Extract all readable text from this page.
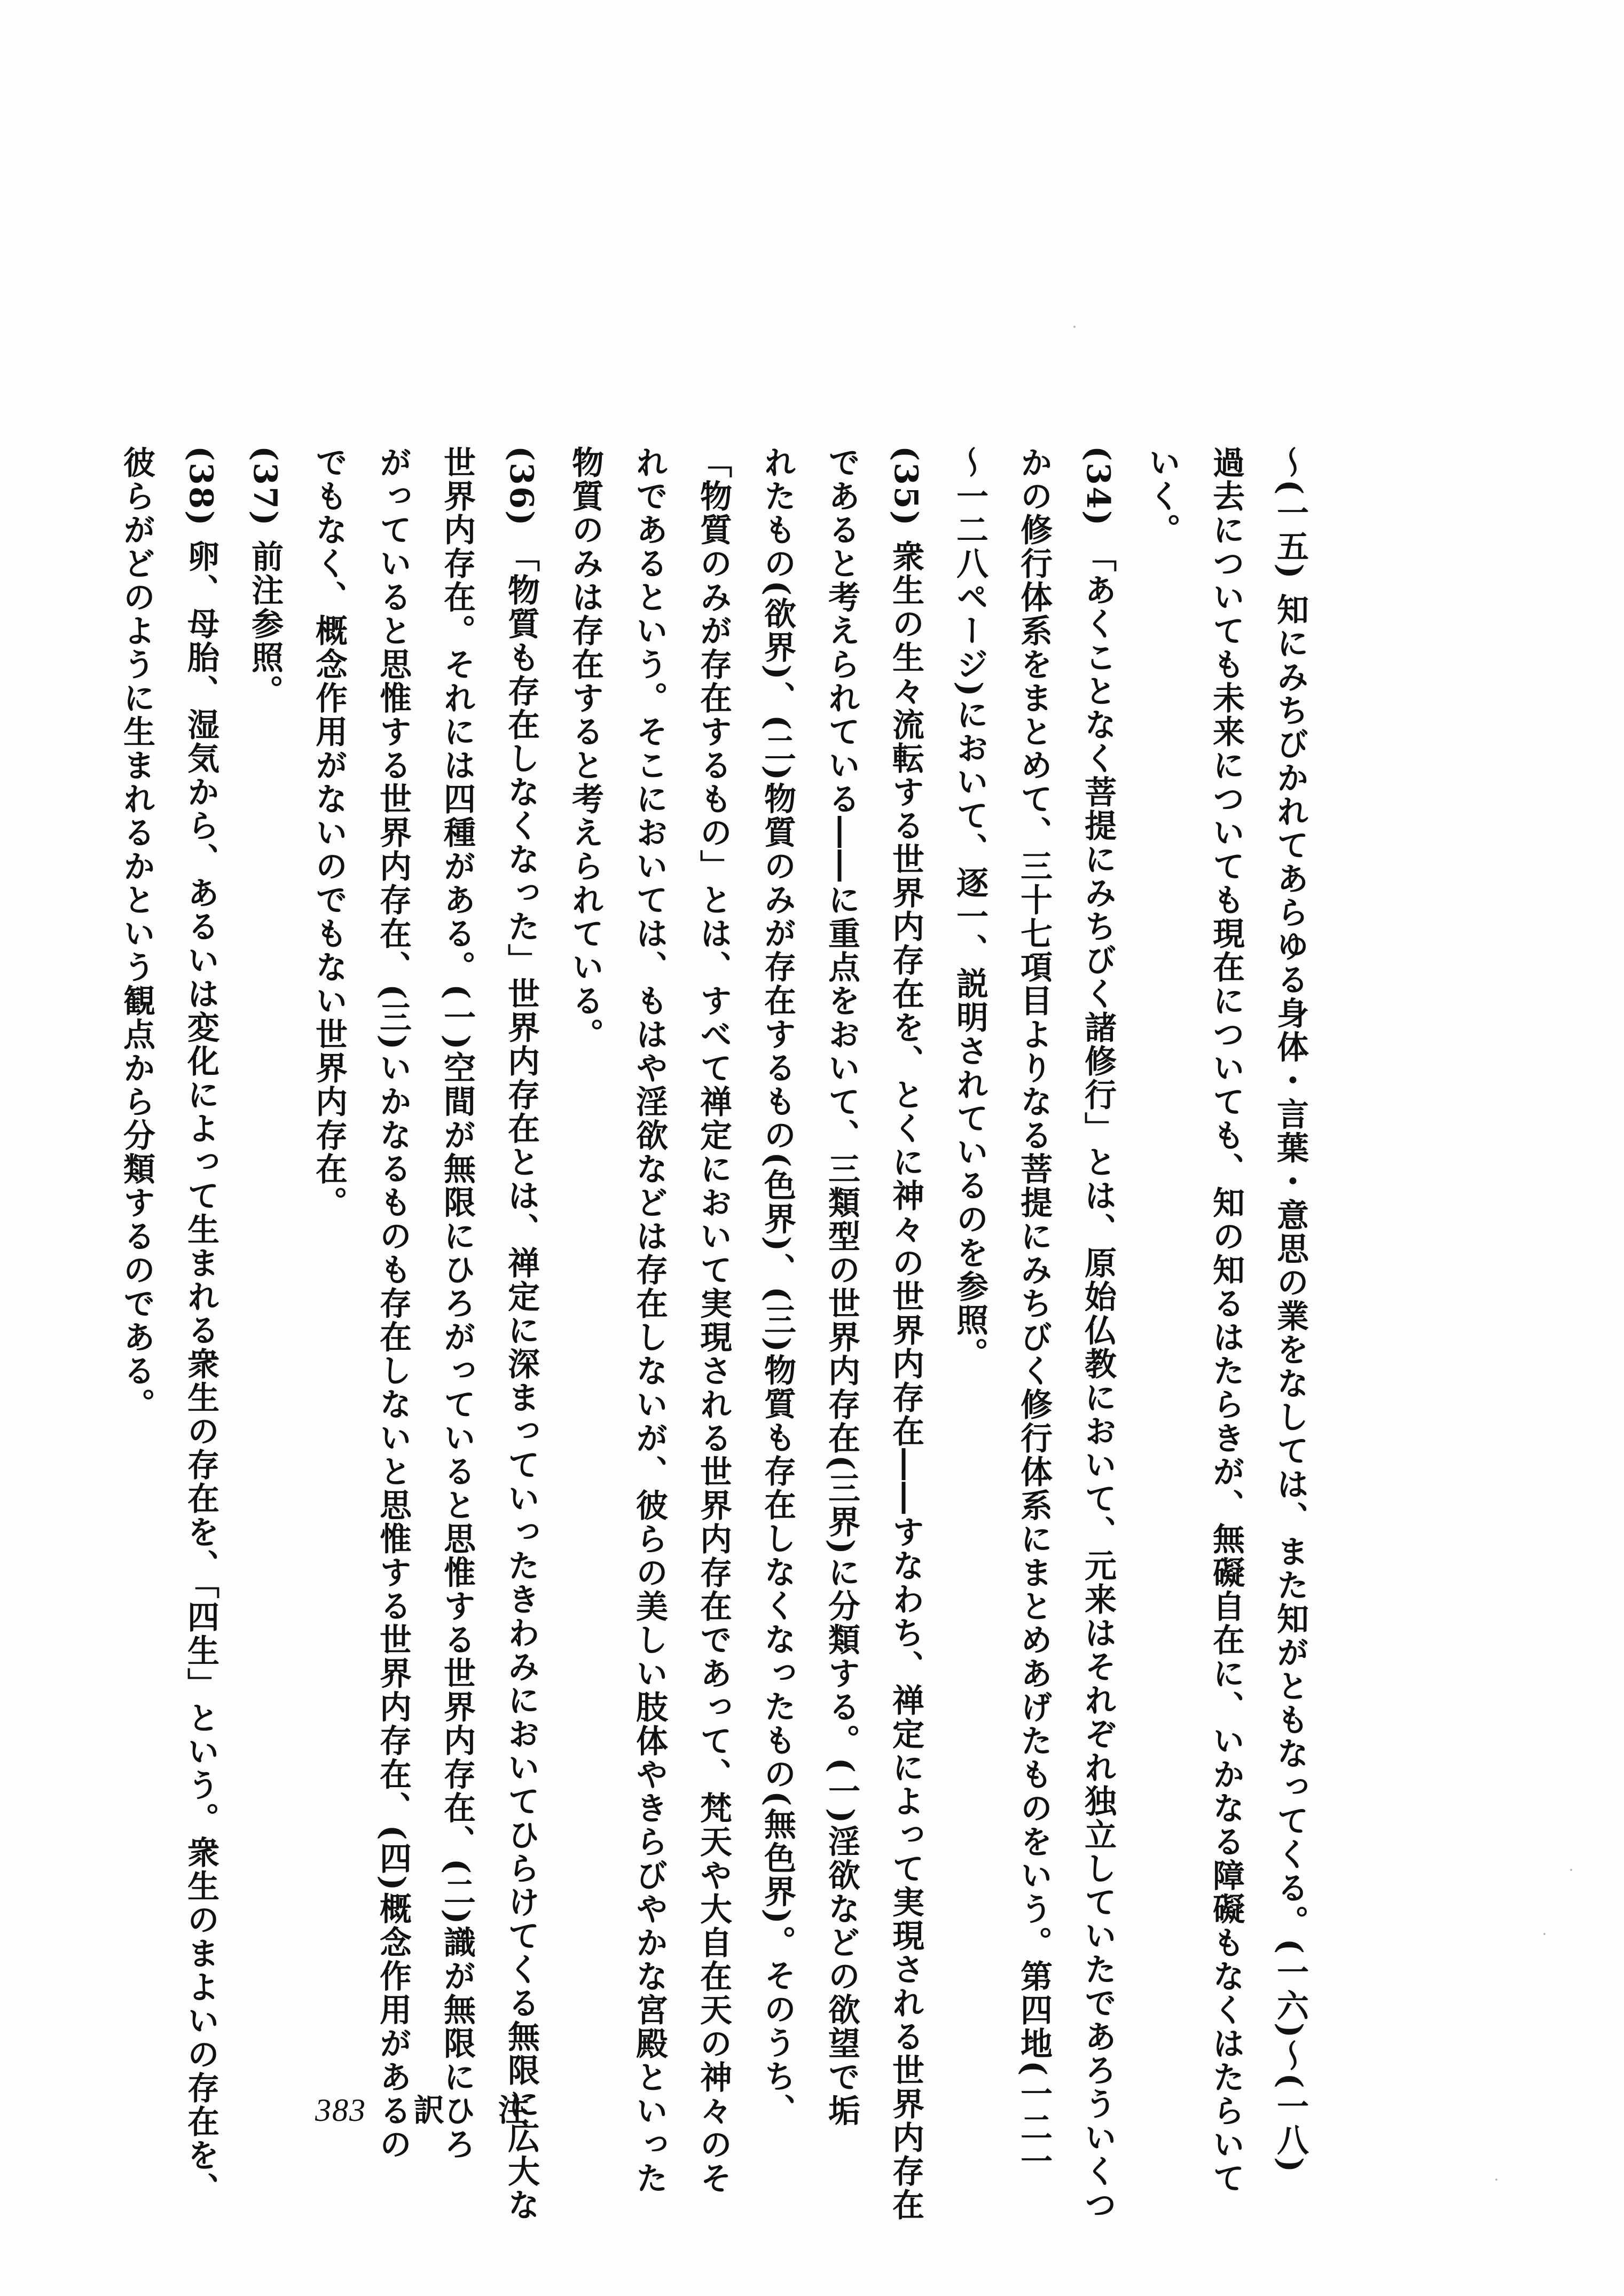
〜(一五) 知にみちびかれてあらゆる身体・言葉・意思の業をなしては、また知がともなってくる。(一六)〜(一八)
過去についても未来についても現在についても、知の知るはたらきが、無礙自在に、いかなる障礙もなくはたらいて
いく。
(34) 「あくことなく菩提にみちびく諸修行」とは、原始仏教において、元来はそれぞれ独立していたであろういくつ
かの修行体系をまとめて、三十七項目よりなる菩提にみちびく修行体系にまとめあげたものをいう。第四地(一二一
〜一二八ページ)において、逐一、説明されているのを参照。
(35) 衆生の生々流転する世界内存在を、とくに神々の世界内存在――すなわち、禅定によって実現される世界内存在
であると考えられている――に重点をおいて、三類型の世界内存在(三界)に分類する。(一)淫欲などの欲望で垢
れたもの(欲界)、(二)物質のみが存在するもの(色界)、(三)物質も存在しなくなったもの(無色界)。そのうち、
「物質のみが存在するもの」とは、すべて禅定において実現される世界内存在であって、梵天や大自在天の神々のそ
れであるという。そこにおいては、もはや淫欲などは存在しないが、彼らの美しい肢体やきらびやかな宮殿といった
物質のみは存在すると考えられている。
(36) 「物質も存在しなくなった」世界内存在とは、禅定に深まっていったきわみにおいてひらけてくる無限に広大な
世界内存在。それには四種がある。(一)空間が無限にひろがっていると思惟する世界内存在、(二)識が無限にひろ
がっていると思惟する世界内存在、(三)いかなるものも存在しないと思惟する世界内存在、(四)概念作用があるの
でもなく、概念作用がないのでもない世界内存在。
(37) 前注参照。
(38) 卵、母胎、湿気から、あるいは変化によって生まれる衆生の存在を、「四生」という。衆生のまよいの存在を、
彼らがどのように生まれるかという観点から分類するのである。
383 訳 注
